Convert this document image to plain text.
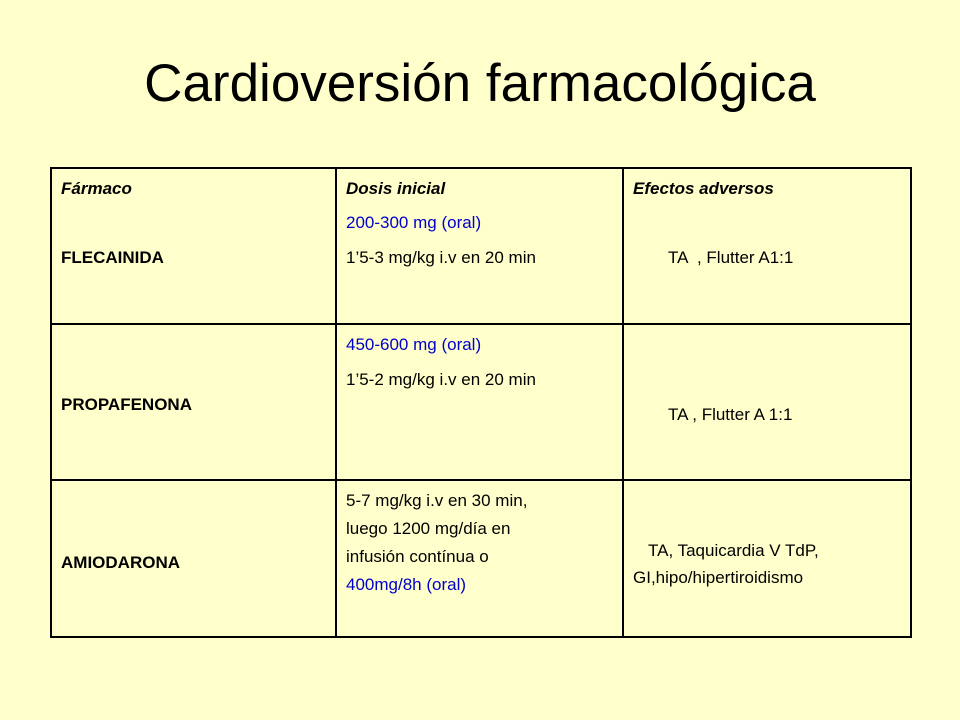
Cardioversión farmacológica
Fármaco
FLECAINIDA
Dosis inicial
200-300 mg (oral)
1’5-3 mg/kg i.v en 20 min
Efectos adversos
TA  , Flutter A1:1
PROPAFENONA
450-600 mg (oral)
1’5-2 mg/kg i.v en 20 min
TA , Flutter A 1:1
AMIODARONA
5-7 mg/kg i.v en 30 min,
luego 1200 mg/día en
infusión contínua o
400mg/8h (oral)
TA, Taquicardia V TdP,
GI,hipo/hipertiroidismo
